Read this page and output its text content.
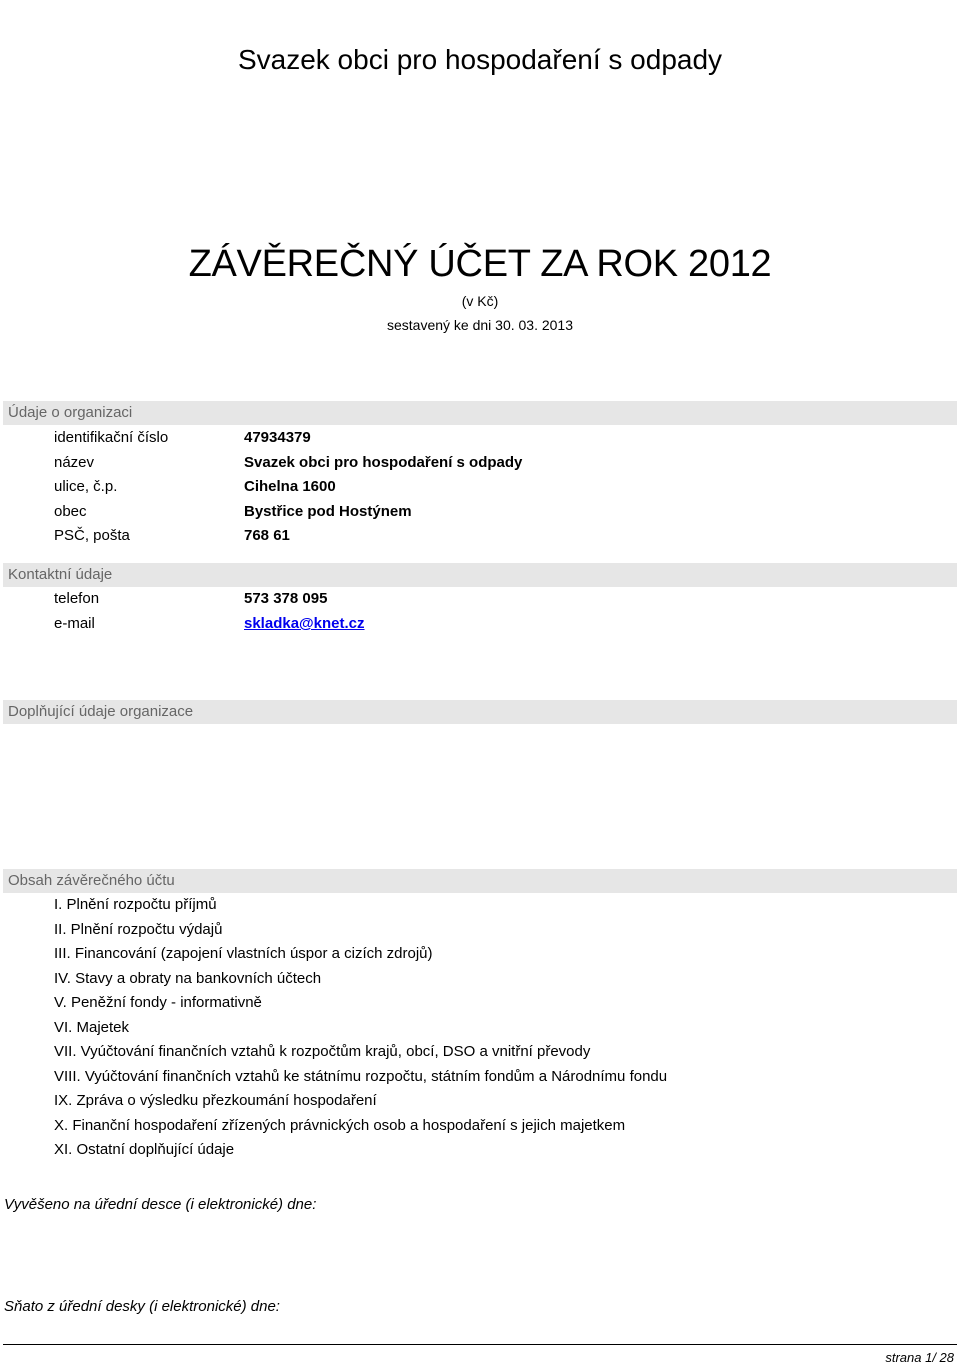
Svazek obci pro hospodaření s odpady
ZÁVĚREČNÝ ÚČET ZA ROK 2012
(v Kč)
sestavený ke dni 30. 03. 2013
Údaje o organizaci
identifikační číslo	47934379
název	Svazek obci pro hospodaření s odpady
ulice, č.p.	Cihelna 1600
obec	Bystřice pod Hostýnem
PSČ, pošta	768 61
Kontaktní údaje
telefon	573 378 095
e-mail	skladka@knet.cz
Doplňující údaje organizace
Obsah závěrečného účtu
I. Plnění rozpočtu příjmů
II. Plnění rozpočtu výdajů
III. Financování (zapojení vlastních úspor a cizích zdrojů)
IV. Stavy a obraty na bankovních účtech
V. Peněžní fondy - informativně
VI. Majetek
VII. Vyúčtování finančních vztahů k rozpočtům krajů, obcí, DSO a vnitřní převody
VIII. Vyúčtování finančních vztahů ke státnímu rozpočtu, státním fondům a Národnímu fondu
IX. Zpráva o výsledku přezkoumání hospodaření
X. Finanční hospodaření zřízených právnických osob a hospodaření s jejich majetkem
XI. Ostatní doplňující údaje
Vyvěšeno na úřední desce (i elektronické) dne:
Sňato z úřední desky (i elektronické) dne:
strana 1/ 28
